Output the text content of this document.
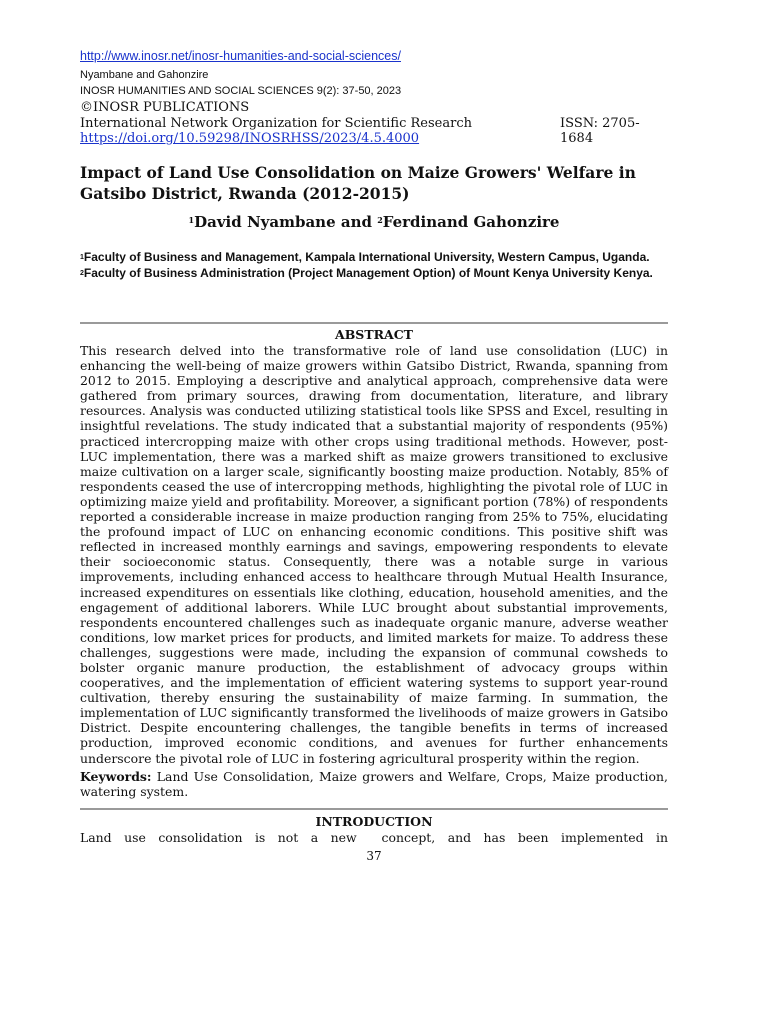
http://www.inosr.net/inosr-humanities-and-social-sciences/
Nyambane and Gahonzire
INOSR HUMANITIES AND SOCIAL SCIENCES 9(2): 37-50, 2023
©INOSR PUBLICATIONS
International Network Organization for Scientific Research	ISSN: 2705-1684
https://doi.org/10.59298/INOSRHSS/2023/4.5.4000
Impact of Land Use Consolidation on Maize Growers' Welfare in Gatsibo District, Rwanda (2012-2015)
$^1$David Nyambane and $^2$Ferdinand Gahonzire

$^1$Faculty of Business and Management, Kampala International University, Western Campus, Uganda.

$^2$Faculty of Business Administration (Project Management Option) of Mount Kenya University Kenya.

ABSTRACT

This research delved into the transformative role of land use consolidation (LUC) in enhancing the well-being of maize growers within Gatsibo District, Rwanda, spanning from 2012 to 2015. Employing a descriptive and analytical approach, comprehensive data were gathered from primary sources, drawing from documentation, literature, and library resources. Analysis was conducted utilizing statistical tools like SPSS and Excel, resulting in insightful revelations. The study indicated that a substantial majority of respondents (95%) practiced intercropping maize with other crops using traditional methods. However, post-LUC implementation, there was a marked shift as maize growers transitioned to exclusive maize cultivation on a larger scale, significantly boosting maize production. Notably, 85% of respondents ceased the use of intercropping methods, highlighting the pivotal role of LUC in optimizing maize yield and profitability. Moreover, a significant portion (78%) of respondents reported a considerable increase in maize production ranging from 25% to 75%, elucidating the profound impact of LUC on enhancing economic conditions. This positive shift was reflected in increased monthly earnings and savings, empowering respondents to elevate their socioeconomic status. Consequently, there was a notable surge in various improvements, including enhanced access to healthcare through Mutual Health Insurance, increased expenditures on essentials like clothing, education, household amenities, and the engagement of additional laborers. While LUC brought about substantial improvements, respondents encountered challenges such as inadequate organic manure, adverse weather conditions, low market prices for products, and limited markets for maize. To address these challenges, suggestions were made, including the expansion of communal cowsheds to bolster organic manure production, the establishment of advocacy groups within cooperatives, and the implementation of efficient watering systems to support year-round cultivation, thereby ensuring the sustainability of maize farming. In summation, the implementation of LUC significantly transformed the livelihoods of maize growers in Gatsibo District. Despite encountering challenges, the tangible benefits in terms of increased production, improved economic conditions, and avenues for further enhancements underscore the pivotal role of LUC in fostering agricultural prosperity within the region.

Keywords: Land Use Consolidation, Maize growers and Welfare, Crops, Maize production, watering system.

INTRODUCTION
Land use consolidation is not a new concept, and has been implemented in
37
